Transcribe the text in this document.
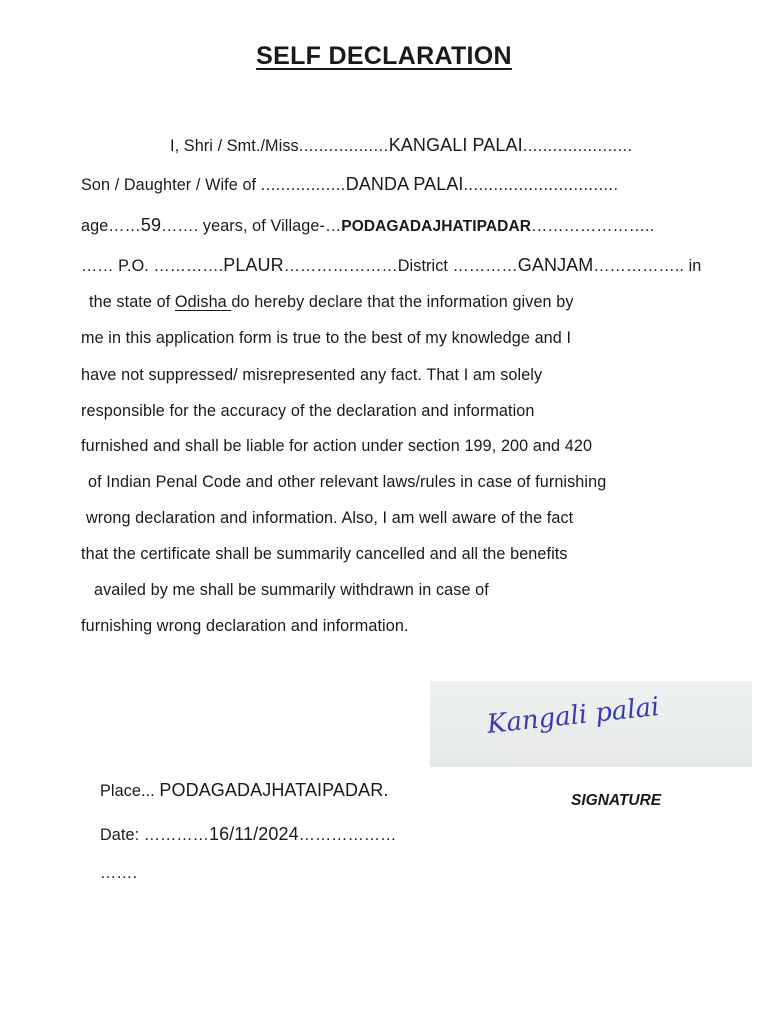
SELF DECLARATION
I, Shri / Smt./Miss..................KANGALI PALAI......................
Son / Daughter / Wife of .................DANDA PALAI...............................
age……59……. years, of Village-…PODAGADAJHATIPADAR…………………..
…… P.O. ………….PLAUR…………………District …………GANJAM…………….. in
the state of Odisha do hereby declare that the information given by
me in this application form is true to the best of my knowledge and I
have not suppressed/ misrepresented any fact. That I am solely
responsible for the accuracy of the declaration and information
furnished and shall be liable for action under section 199, 200 and 420
of Indian Penal Code and other relevant laws/rules in case of furnishing
wrong declaration and information. Also, I am well aware of the fact
that the certificate shall be summarily cancelled and all the benefits
availed by me shall be summarily withdrawn in case of
furnishing wrong declaration and information.
Kangali palai
SIGNATURE
Place... PODAGADAJHATAIPADAR.
Date: …………16/11/2024………………
…….
